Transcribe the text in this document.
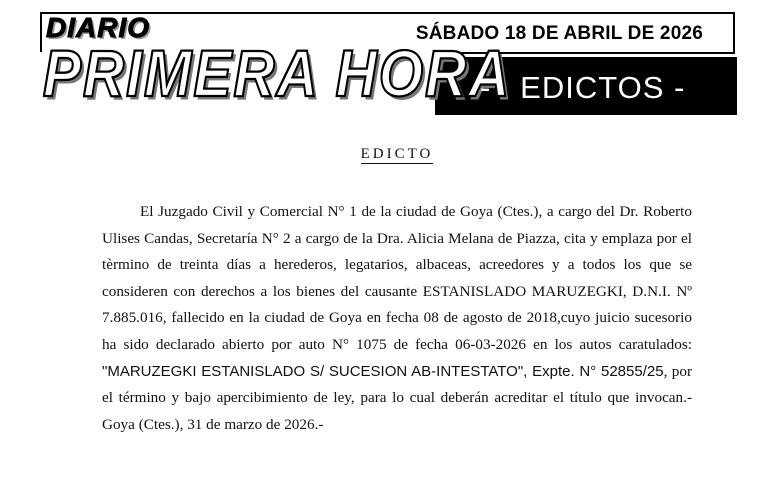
SÁBADO 18 DE ABRIL DE 2026
DIARIO
PRIMERA HORA
-   EDICTOS -
EDICTO

El Juzgado Civil y Comercial N° 1 de la ciudad de Goya (Ctes.), a cargo del Dr. Roberto Ulises Candas, Secretaría N° 2 a cargo de la Dra. Alicia Melana de Piazza, cita y emplaza por el tèrmino de treinta días a herederos, legatarios, albaceas, acreedores y a todos los que se consideren con derechos a los bienes del causante ESTANISLADO MARUZEGKI, D.N.I. Nº 7.885.016, fallecido en la ciudad de Goya en fecha 08 de agosto de 2018,cuyo juicio sucesorio ha sido declarado abierto por auto N° 1075 de fecha 06-03-2026 en los autos caratulados: "MARUZEGKI ESTANISLADO S/ SUCESION AB-INTESTATO", Expte. N° 52855/25, por el término y bajo apercibimiento de ley, para lo cual deberán acreditar el título que invocan.- Goya (Ctes.), 31 de marzo de 2026.-
